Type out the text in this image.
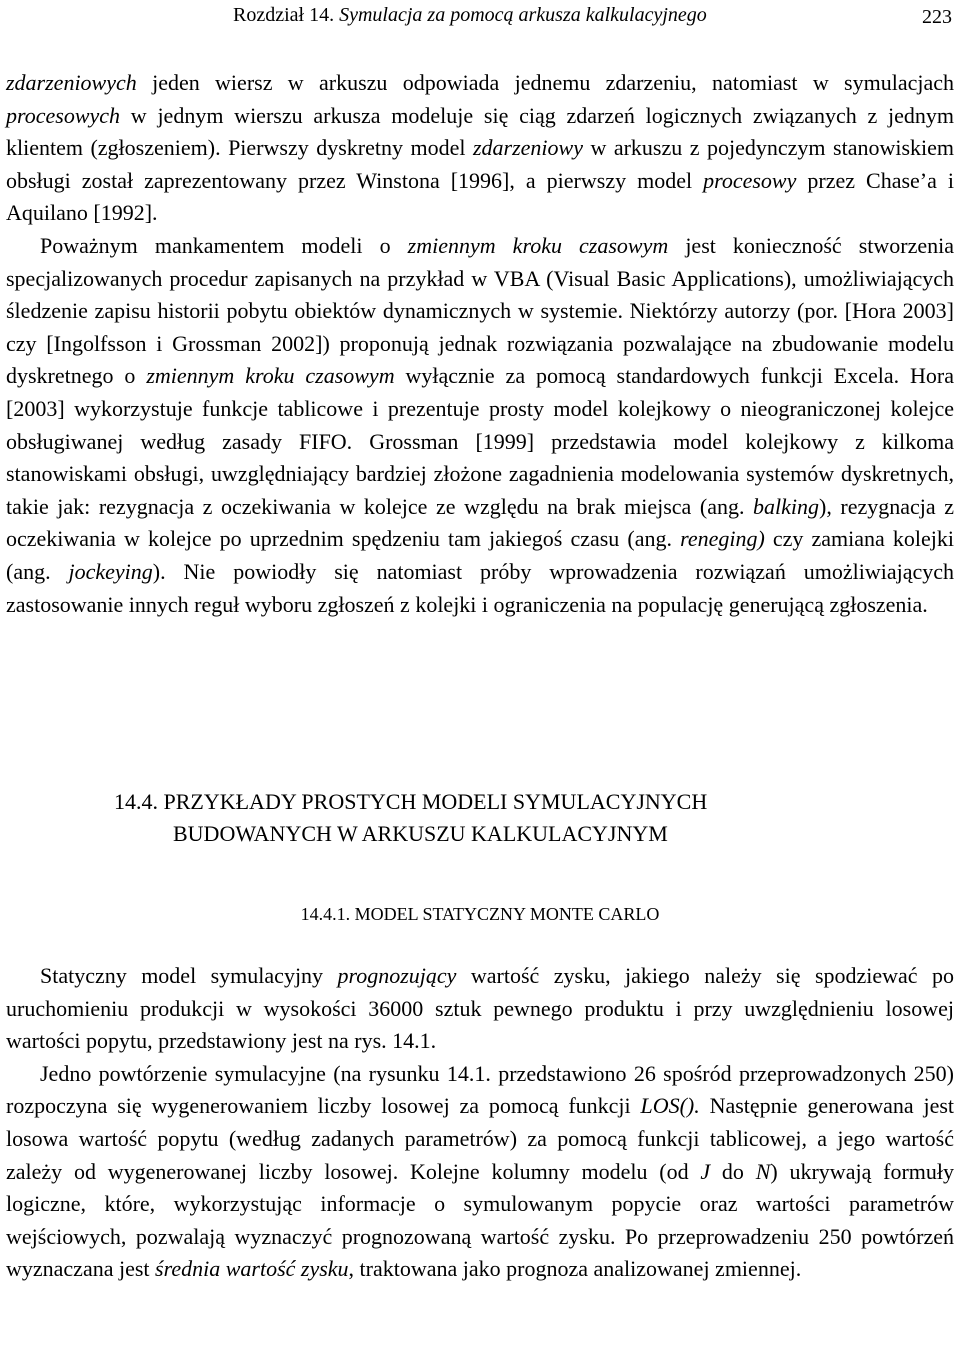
Rozdział 14. Symulacja za pomocą arkusza kalkulacyjnego	223

zdarzeniowych jeden wiersz w arkuszu odpowiada jednemu zdarzeniu, natomiast w symulacjach procesowych w jednym wierszu arkusza modeluje się ciąg zdarzeń logicznych związanych z jednym klientem (zgłoszeniem). Pierwszy dyskretny model zdarzeniowy w arkuszu z pojedynczym stanowiskiem obsługi został zaprezentowany przez Winstona [1996], a pierwszy model procesowy przez Chase’a i Aquilano [1992].

Poważnym mankamentem modeli o zmiennym kroku czasowym jest konieczność stworzenia specjalizowanych procedur zapisanych na przykład w VBA (Visual Basic Applications), umożliwiających śledzenie zapisu historii pobytu obiektów dynamicznych w systemie. Niektórzy autorzy (por. [Hora 2003] czy [Ingolfsson i Grossman 2002]) proponują jednak rozwiązania pozwalające na zbudowanie modelu dyskretnego o zmiennym kroku czasowym wyłącznie za pomocą standardowych funkcji Excela. Hora [2003] wykorzystuje funkcje tablicowe i prezentuje prosty model kolejkowy o nieograniczonej kolejce obsługiwanej według zasady FIFO. Grossman [1999] przedstawia model kolejkowy z kilkoma stanowiskami obsługi, uwzględniający bardziej złożone zagadnienia modelowania systemów dyskretnych, takie jak: rezygnacja z oczekiwania w kolejce ze względu na brak miejsca (ang. balking), rezygnacja z oczekiwania w kolejce po uprzednim spędzeniu tam jakiegoś czasu (ang. reneging) czy zamiana kolejki (ang. jockeying). Nie powiodły się natomiast próby wprowadzenia rozwiązań umożliwiających zastosowanie innych reguł wyboru zgłoszeń z kolejki i ograniczenia na populację generującą zgłoszenia.

14.4. PRZYKŁADY PROSTYCH MODELI SYMULACYJNYCH
BUDOWANYCH W ARKUSZU KALKULACYJNYM
14.4.1. MODEL STATYCZNY MONTE CARLO

Statyczny model symulacyjny prognozujący wartość zysku, jakiego należy się spodziewać po uruchomieniu produkcji w wysokości 36000 sztuk pewnego produktu i przy uwzględnieniu losowej wartości popytu, przedstawiony jest na rys. 14.1.

Jedno powtórzenie symulacyjne (na rysunku 14.1. przedstawiono 26 spośród przeprowadzonych 250) rozpoczyna się wygenerowaniem liczby losowej za pomocą funkcji LOS(). Następnie generowana jest losowa wartość popytu (według zadanych parametrów) za pomocą funkcji tablicowej, a jego wartość zależy od wygenerowanej liczby losowej. Kolejne kolumny modelu (od J do N) ukrywają formuły logiczne, które, wykorzystując informacje o symulowanym popycie oraz wartości parametrów wejściowych, pozwalają wyznaczyć prognozowaną wartość zysku. Po przeprowadzeniu 250 powtórzeń wyznaczana jest średnia wartość zysku, traktowana jako prognoza analizowanej zmiennej.
